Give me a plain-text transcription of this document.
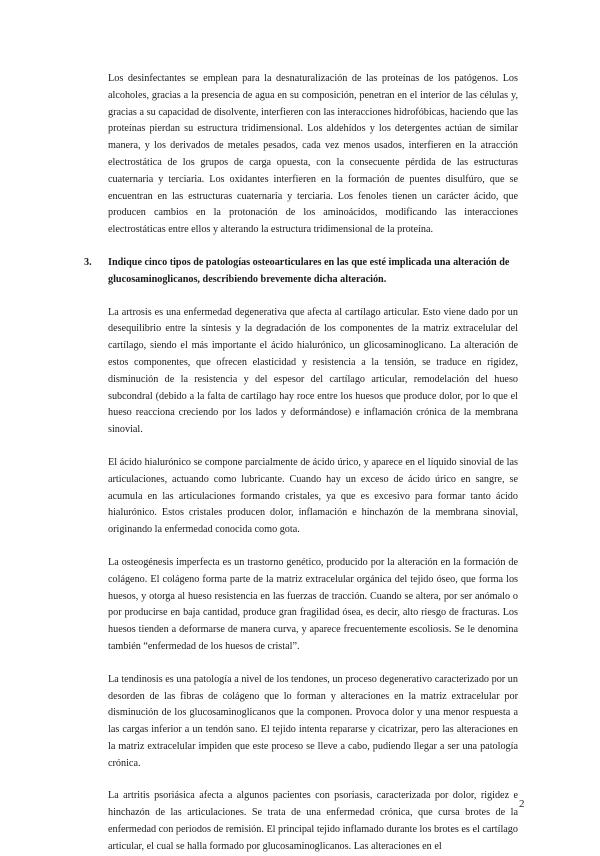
Los desinfectantes se emplean para la desnaturalización de las proteínas de los patógenos. Los alcoholes, gracias a la presencia de agua en su composición, penetran en el interior de las células y, gracias a su capacidad de disolvente, interfieren con las interacciones hidrofóbicas, haciendo que las proteínas pierdan su estructura tridimensional. Los aldehídos y los detergentes actúan de similar manera, y los derivados de metales pesados, cada vez menos usados, interfieren en la atracción electrostática de los grupos de carga opuesta, con la consecuente pérdida de las estructuras cuaternaria y terciaria. Los oxidantes interfieren en la formación de puentes disulfúro, que se encuentran en las estructuras cuaternaria y terciaria. Los fenoles tienen un carácter ácido, que producen cambios en la protonación de los aminoácidos, modificando las interacciones electrostáticas entre ellos y alterando la estructura tridimensional de la proteína.

3. Indique cinco tipos de patologías osteoarticulares en las que esté implicada una alteración de glucosaminoglicanos, describiendo brevemente dicha alteración.

La artrosis es una enfermedad degenerativa que afecta al cartílago articular. Esto viene dado por un desequilibrio entre la síntesis y la degradación de los componentes de la matriz extracelular del cartílago, siendo el más importante el ácido hialurónico, un glicosaminoglicano. La alteración de estos componentes, que ofrecen elasticidad y resistencia a la tensión, se traduce en rigidez, disminución de la resistencia y del espesor del cartílago articular, remodelación del hueso subcondral (debido a la falta de cartílago hay roce entre los huesos que produce dolor, por lo que el hueso reacciona creciendo por los lados y deformándose) e inflamación crónica de la membrana sinovial.

El ácido hialurónico se compone parcialmente de ácido úrico, y aparece en el líquido sinovial de las articulaciones, actuando como lubricante. Cuando hay un exceso de ácido úrico en sangre, se acumula en las articulaciones formando cristales, ya que es excesivo para formar tanto ácido hialurónico. Estos cristales producen dolor, inflamación e hinchazón de la membrana sinovial, originando la enfermedad conocida como gota.

La osteogénesis imperfecta es un trastorno genético, producido por la alteración en la formación de colágeno. El colágeno forma parte de la matriz extracelular orgánica del tejido óseo, que forma los huesos, y otorga al hueso resistencia en las fuerzas de tracción. Cuando se altera, por ser anómalo o por producirse en baja cantidad, produce gran fragilidad ósea, es decir, alto riesgo de fracturas. Los huesos tienden a deformarse de manera curva, y aparece frecuentemente escoliosis. Se le denomina también “enfermedad de los huesos de cristal”.

La tendinosis es una patología a nivel de los tendones, un proceso degenerativo caracterizado por un desorden de las fibras de colágeno que lo forman y alteraciones en la matriz extracelular por disminución de los glucosaminoglicanos que la componen. Provoca dolor y una menor respuesta a las cargas inferior a un tendón sano. El tejido intenta repararse y cicatrizar, pero las alteraciones en la matriz extracelular impiden que este proceso se lleve a cabo, pudiendo llegar a ser una patología crónica.

La artritis psoriásica afecta a algunos pacientes con psoriasis, caracterizada por dolor, rigidez e hinchazón de las articulaciones. Se trata de una enfermedad crónica, que cursa brotes de la enfermedad con periodos de remisión. El principal tejido inflamado durante los brotes es el cartílago articular, el cual se halla formado por glucosaminoglicanos. Las alteraciones en el

2
